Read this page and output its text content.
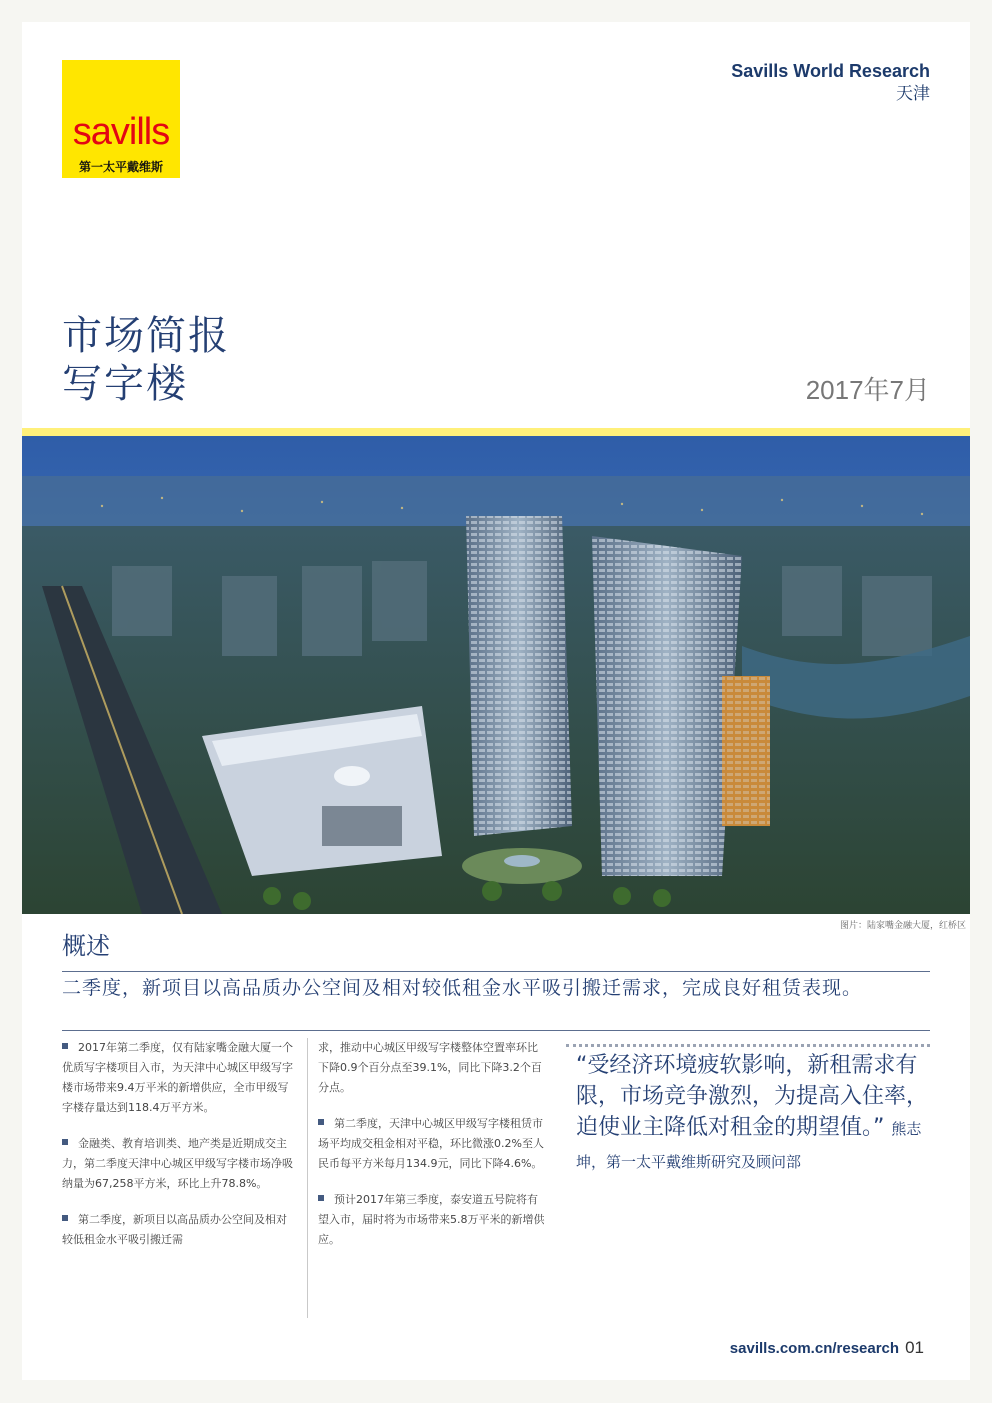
savills
第一太平戴维斯
Savills World Research
天津
市场简报
写字楼	2017年7月
图片：陆家嘴金融大厦，红桥区
概述
二季度，新项目以高品质办公空间及相对较低租金水平吸引搬迁需求，完成良好租赁表现。

2017年第二季度，仅有陆家嘴金融大厦一个优质写字楼项目入市，为天津中心城区甲级写字楼市场带来9.4万平米的新增供应，全市甲级写字楼存量达到118.4万平方米。

金融类、教育培训类、地产类是近期成交主力，第二季度天津中心城区甲级写字楼市场净吸纳量为67,258平方米，环比上升78.8%。

第二季度，新项目以高品质办公空间及相对较低租金水平吸引搬迁需

求，推动中心城区甲级写字楼整体空置率环比下降0.9个百分点至39.1%，同比下降3.2个百分点。

第二季度，天津中心城区甲级写字楼租赁市场平均成交租金相对平稳，环比微涨0.2%至人民币每平方米每月134.9元，同比下降4.6%。

预计2017年第三季度，泰安道五号院将有望入市，届时将为市场带来5.8万平米的新增供应。

“受经济环境疲软影响，新租需求有限，市场竞争激烈，为提高入住率，迫使业主降低对租金的期望值。” 熊志坤，第一太平戴维斯研究及顾问部
savills.com.cn/research 01
